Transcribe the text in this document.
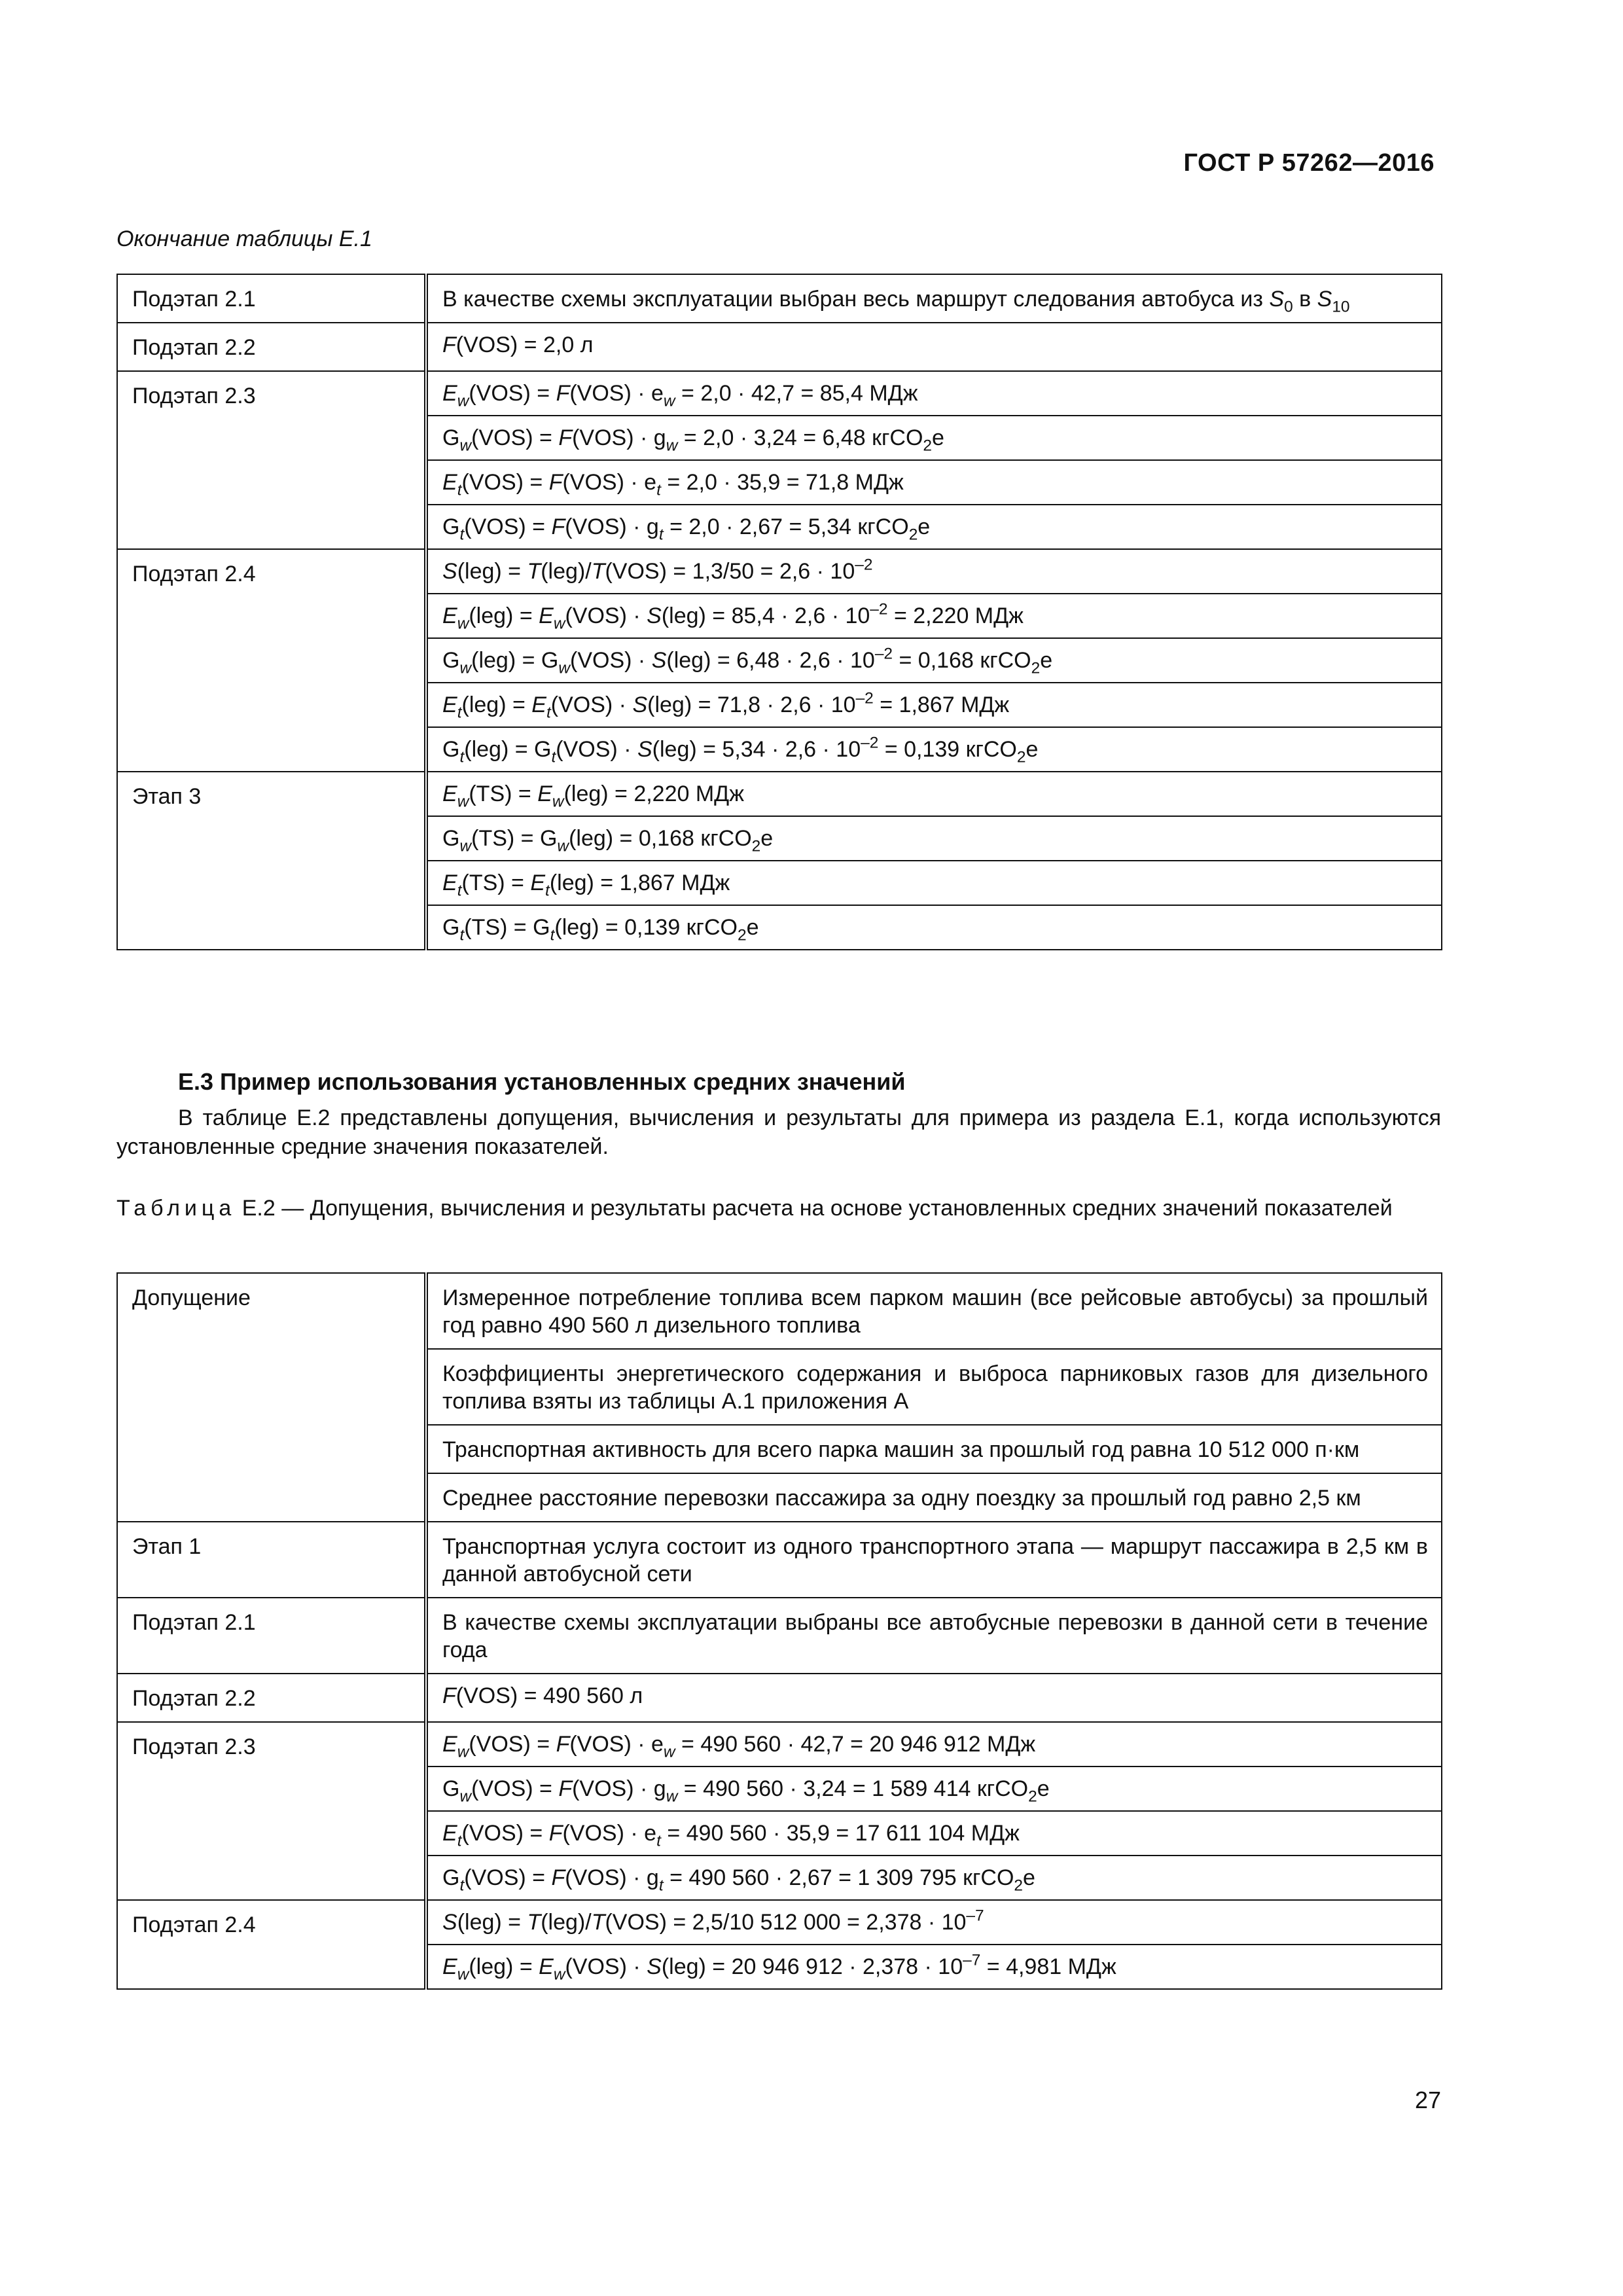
ГОСТ Р 57262—2016
Окончание таблицы Е.1
Подэтап 2.1	В качестве схемы эксплуатации выбран весь маршрут следования автобуса из $S_0$ в $S_{10}$
Подэтап 2.2	F(VOS) = 2,0 л
Подэтап 2.3	$E_w(VOS) = F(VOS) \cdot e_w = 2,0 \cdot 42,7 = 85,4$ МДж
	$G_w(VOS) = F(VOS) \cdot g_w = 2,0 \cdot 3,24 = 6,48$ кгCO$_2$e
	$E_t(VOS) = F(VOS) \cdot e_t = 2,0 \cdot 35,9 = 71,8$ МДж
	$G_t(VOS) = F(VOS) \cdot g_t = 2,0 \cdot 2,67 = 5,34$ кгCO$_2$e
Подэтап 2.4	$S(leg) = T(leg)/T(VOS) = 1,3/50 = 2,6 \cdot 10^{-2}$
	$E_w(leg) = E_w(VOS) \cdot S(leg) = 85,4 \cdot 2,6 \cdot 10^{-2} = 2,220$ МДж
	$G_w(leg) = G_w(VOS) \cdot S(leg) = 6,48 \cdot 2,6 \cdot 10^{-2} = 0,168$ кгCO$_2$e
	$E_t(leg) = E_t(VOS) \cdot S(leg) = 71,8 \cdot 2,6 \cdot 10^{-2} = 1,867$ МДж
	$G_t(leg) = G_t(VOS) \cdot S(leg) = 5,34 \cdot 2,6 \cdot 10^{-2} = 0,139$ кгCO$_2$e
Этап 3	$E_w(TS) = E_w(leg) = 2,220$ МДж
	$G_w(TS) = G_w(leg) = 0,168$ кгCO$_2$e
	$E_t(TS) = E_t(leg) = 1,867$ МДж
	$G_t(TS) = G_t(leg) = 0,139$ кгCO$_2$e
Е.3 Пример использования установленных средних значений
В таблице Е.2 представлены допущения, вычисления и результаты для примера из раздела Е.1, когда используются установленные средние значения показателей.
Таблица Е.2 — Допущения, вычисления и результаты расчета на основе установленных средних значений показателей
Допущение	Измеренное потребление топлива всем парком машин (все рейсовые автобусы) за прошлый год равно 490 560 л дизельного топлива
	Коэффициенты энергетического содержания и выброса парниковых газов для дизельного топлива взяты из таблицы А.1 приложения А
	Транспортная активность для всего парка машин за прошлый год равна 10 512 000 п·км
	Среднее расстояние перевозки пассажира за одну поездку за прошлый год равно 2,5 км
Этап 1	Транспортная услуга состоит из одного транспортного этапа — маршрут пассажира в 2,5 км в данной автобусной сети
Подэтап 2.1	В качестве схемы эксплуатации выбраны все автобусные перевозки в данной сети в течение года
Подэтап 2.2	F(VOS) = 490 560 л
Подэтап 2.3	$E_w(VOS) = F(VOS) \cdot e_w = 490$ 560 · 42,7 = 20 946 912 МДж
	$G_w(VOS) = F(VOS) \cdot g_w = 490$ 560 · 3,24 = 1 589 414 кгCO$_2$e
	$E_t(VOS) = F(VOS) \cdot e_t = 490$ 560 · 35,9 = 17 611 104 МДж
	$G_t(VOS) = F(VOS) \cdot g_t = 490$ 560 · 2,67 = 1 309 795 кгCO$_2$e
Подэтап 2.4	S(leg) = T(leg)/T(VOS) = 2,5/10 512 $000 = 2,378 \cdot 10^{-7}$
	$E_w(leg) = E_w(VOS) \cdot S(leg) = 20$ 946 $912 \cdot 2,378 \cdot 10^{-7} = 4,981$ МДж
27
